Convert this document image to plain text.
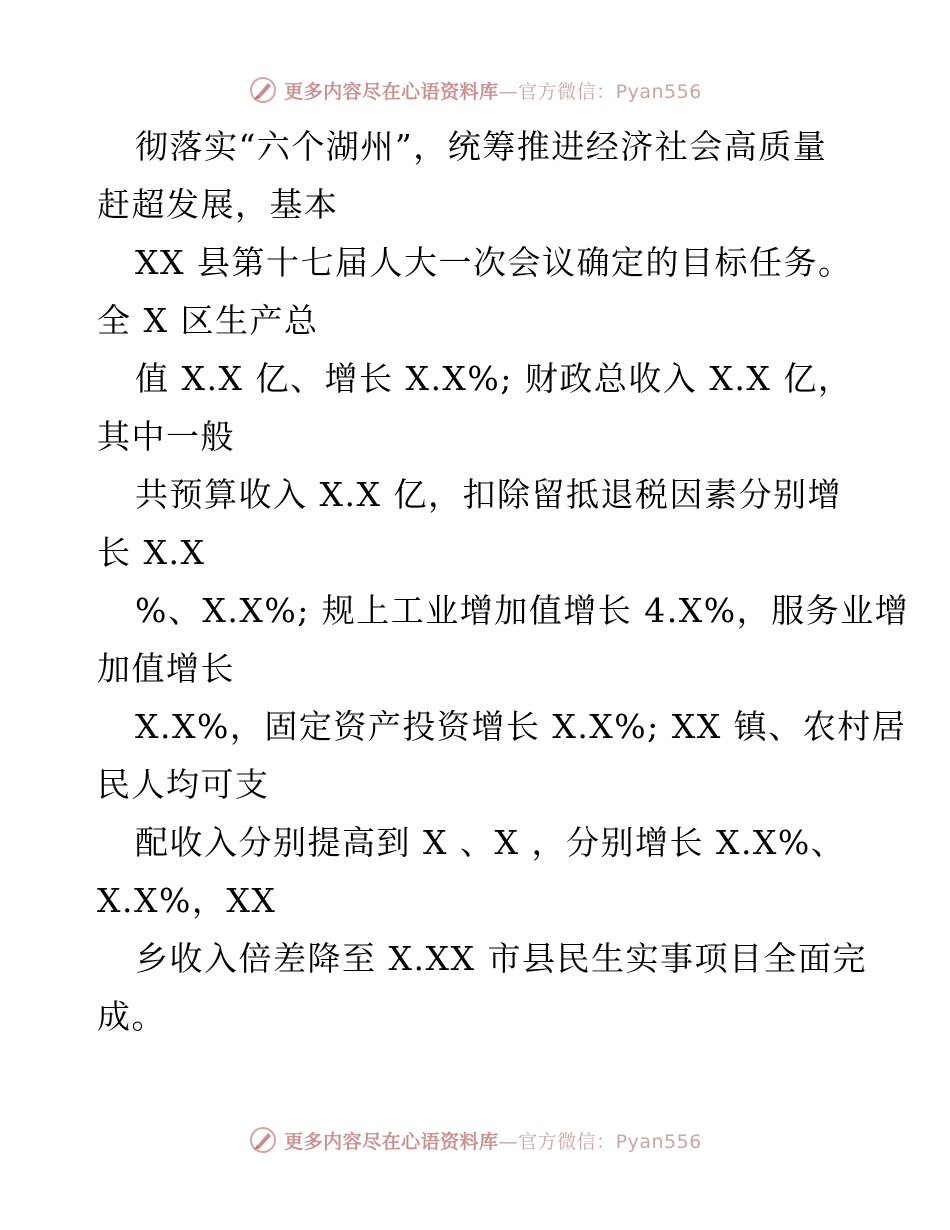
更多内容尽在心语资料库—官方微信：Pyan556
彻落实“六个湖州”，统筹推进经济社会高质量
赶超发展，基本
XX 县第十七届人大一次会议确定的目标任务。
全 X 区生产总
值 X.X 亿、增长 X.X%; 财政总收入 X.X 亿，
其中一般
共预算收入 X.X 亿，扣除留抵退税因素分别增
长 X.X
%、X.X%; 规上工业增加值增长 4.X%，服务业增
加值增长
X.X%，固定资产投资增长 X.X%; XX 镇、农村居
民人均可支
配收入分别提高到 X 、X ，分别增长 X.X%、
X.X%，XX
乡收入倍差降至 X.XX 市县民生实事项目全面完
成。
更多内容尽在心语资料库—官方微信：Pyan556
